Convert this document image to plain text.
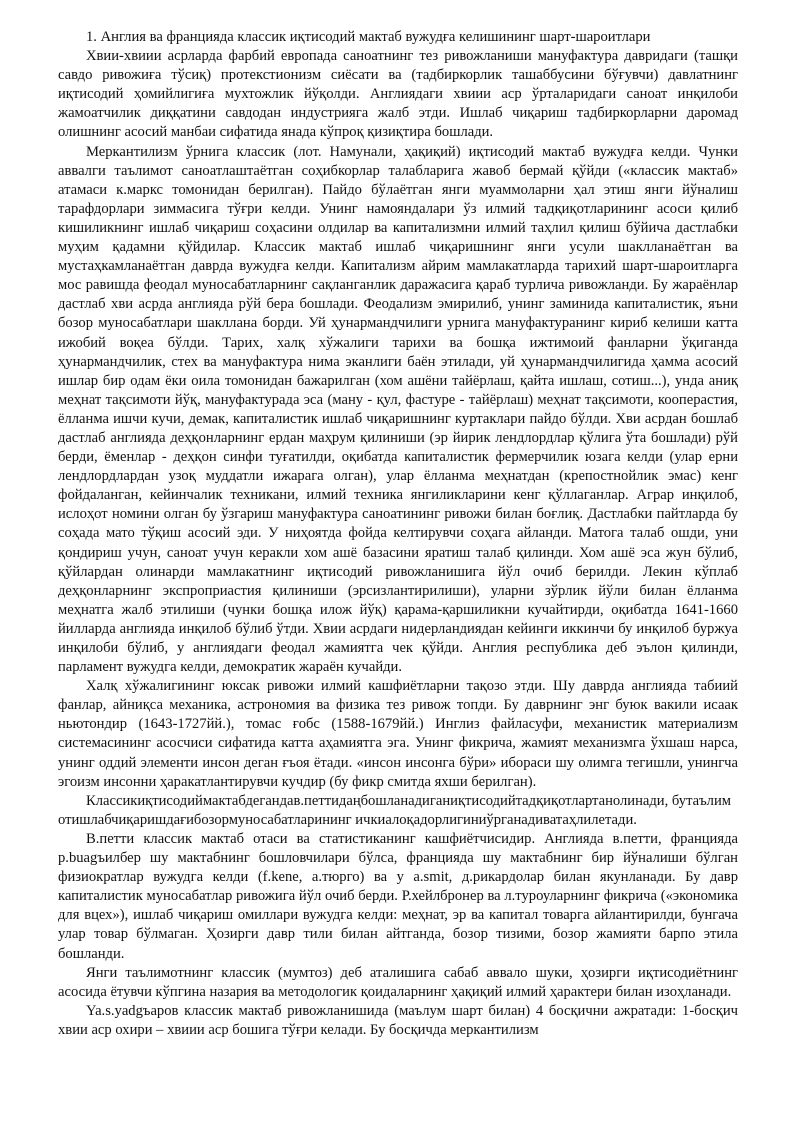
1. Англия ва францияда классик иқтисодий мактаб вужудға келишининг шарт-шароитлари

Хвии-хвиии асрларда фарбий европада саноатнинг тез ривожланиши мануфактура давридаги (ташқи савдо ривожиға тўсиқ) протекстионизм сиёсати ва (тадбиркорлик ташаббусини бўғувчи) давлатнинг иқтисодий ҳомийлигиға мухтожлик йўқолди. Англиядаги хвиии аср ўрталаридаги саноат инқилоби жамоатчилик диққатини савдодан индустрияга жалб этди. Ишлаб чиқариш тадбиркорларни даромад олишнинг асосий манбаи сифатида янада кўпроқ қизиқтира бошлади.

Меркантилизм ўрнига классик (лот. Намунали, ҳақиқий) иқтисодий мактаб вужудға келди. Чунки аввалги таълимот саноатлаштаётган соҳибкорлар талабларига жавоб бермай қўйди («классик мактаб» атамаси к.маркс томонидан берилган). Пайдо бўлаётган янги муаммоларни ҳал этиш янги йўналиш тарафдорлари зиммасига тўғри келди. Унинг намояндалари ўз илмий тадқиқотларининг асоси қилиб кишиликнинг ишлаб чиқариш соҳасини олдилар ва капитализмни илмий таҳлил қилиш бўйича дастлабки муҳим қадамни қўйдилар. Классик мактаб ишлаб чиқаришнинг янги усули шаклланаётган ва мустаҳкамланаётган даврда вужудға келди. Капитализм айрим мамлакатларда тарихий шарт-шароитларга мос равишда феодал муносабатларнинг сақланганлик даражасига қараб турлича ривожланди. Бу жараёнлар дастлаб хви асрда англияда рўй бера бошлади. Феодализм эмирилиб, унинг заминида капиталистик, яъни бозор муносабатлари шакллана борди. Уй ҳунармандчилиги урнига мануфактуранинг кириб келиши катта ижобий воқеа бўлди. Тарих, халқ хўжалиги тарихи ва бошқа ижтимоий фанларни ўқиганда ҳунармандчилик, стех ва мануфактура нима эканлиги баён этилади, уй ҳунармандчилигида ҳамма асосий ишлар бир одам ёки оила томонидан бажарилган (хом ашёни тайёрлаш, қайта ишлаш, сотиш...), унда аниқ меҳнат тақсимоти йўқ, мануфактурада эса (ману - қул, фастуре - тайёрлаш) меҳнат тақсимоти, кооперастия, ёлланма ишчи кучи, демак, капиталистик ишлаб чиқаришнинг куртаклари пайдо бўлди. Хви асрдан бошлаб дастлаб англияда деҳқонларнинг ердан маҳрум қилиниши (эр йирик лендлордлар қўлига ўта бошлади) рўй берди, ёменлар - деҳқон синфи туғатилди, оқибатда капиталистик фермерчилик юзага келди (улар ерни лендлордлардан узоқ муддатли ижарага олган), улар ёлланма меҳнатдан (крепостнойлик эмас) кенг фойдаланган, кейинчалик техникани, илмий техника янгиликларини кенг қўллаганлар. Аграр инқилоб, ислоҳот номини олган бу ўзгариш мануфактура саноатининг ривожи билан боғлиқ. Дастлабки пайтларда бу соҳада мато тўқиш асосий эди. У ниҳоятда фойда келтирувчи соҳага айланди. Матога талаб ошди, уни қондириш учун, саноат учун керакли хом ашё базасини яратиш талаб қилинди. Хом ашё эса жун бўлиб, қўйлардан олинарди мамлакатнинг иқтисодий ривожланишига йўл очиб берилди. Лекин кўплаб деҳқонларнинг экспроприастия қилиниши (эрсизлантирилиши), уларни зўрлик йўли билан ёлланма меҳнатга жалб этилиши (чунки бошқа илож йўқ) қарама-қаршиликни кучайтирди, оқибатда 1641-1660 йилларда англияда инқилоб бўлиб ўтди. Хвии асрдаги нидерландиядан кейинги иккинчи бу инқилоб буржуа инқилоби бўлиб, у англиядаги феодал жамиятга чек қўйди. Англия республика деб эълон қилинди, парламент вужудга келди, демократик жараён кучайди.

Халқ хўжалигининг юксак ривожи илмий кашфиётларни тақозо этди. Шу даврда англияда табиий фанлар, айниқса механика, астрономия ва физика тез ривож топди. Бу даврнинг энг буюк вакили исаак ньютондир (1643-1727йй.), томас ғобс (1588-1679йй.) Инглиз файласуфи, механистик материализм системасининг асосчиси сифатида катта аҳамиятга эга. Унинг фикрича, жамият механизмга ўхшаш нарса, унинг оддий элементи инсон деган ғъоя ётади. «инсон инсонга бўри» ибораси шу олимга тегишли, унингча эгоизм инсонни ҳаракатлантирувчи кучдир (бу фикр смитда яхши берилган).

Классикиқтисодиймактабдегандав.петтидаңбошланадиганиқтисодийтадқиқотлартанолинади, бутаълимотишлабчиқаришдағибозормуносабатларининг ичкиалоқадорлигиниўрганадиватаҳлилетади.

В.петти классик мактаб отаси ва статистиканинг кашфиётчисидир. Англияда в.петти, францияда р.buagъилбер шу мактабнинг бошловчилари бўлса, францияда шу мактабнинг бир йўналиши бўлган физиократлар вужудга келди (f.kene, а.тюрго) ва у a.smit, д.рикардолар билан якунланади. Бу давр капиталистик муносабатлар ривожига йўл очиб берди. Р.хейлбронер ва л.туроуларнинг фикрича («экономика для вцех»), ишлаб чиқариш омиллари вужудга келди: меҳнат, эр ва капитал товарга айлантирилди, бунгача улар товар бўлмаган. Ҳозирги давр тили билан айтганда, бозор тизими, бозор жамияти барпо этила бошланди.

Янги таълимотнинг классик (мумтоз) деб аталишига сабаб аввало шуки, ҳозирги иқтисодиётнинг асосида ётувчи кўпгина назария ва методологик қоидаларнинг ҳақиқий илмий ҳарактери билан изоҳланади.

Ya.s.yadgъаров классик мактаб ривожланишида (маълум шарт билан) 4 босқични ажратади: 1-босқич хвии аср охири – хвиии аср бошига тўғри келади. Бу босқичда меркантилизм
